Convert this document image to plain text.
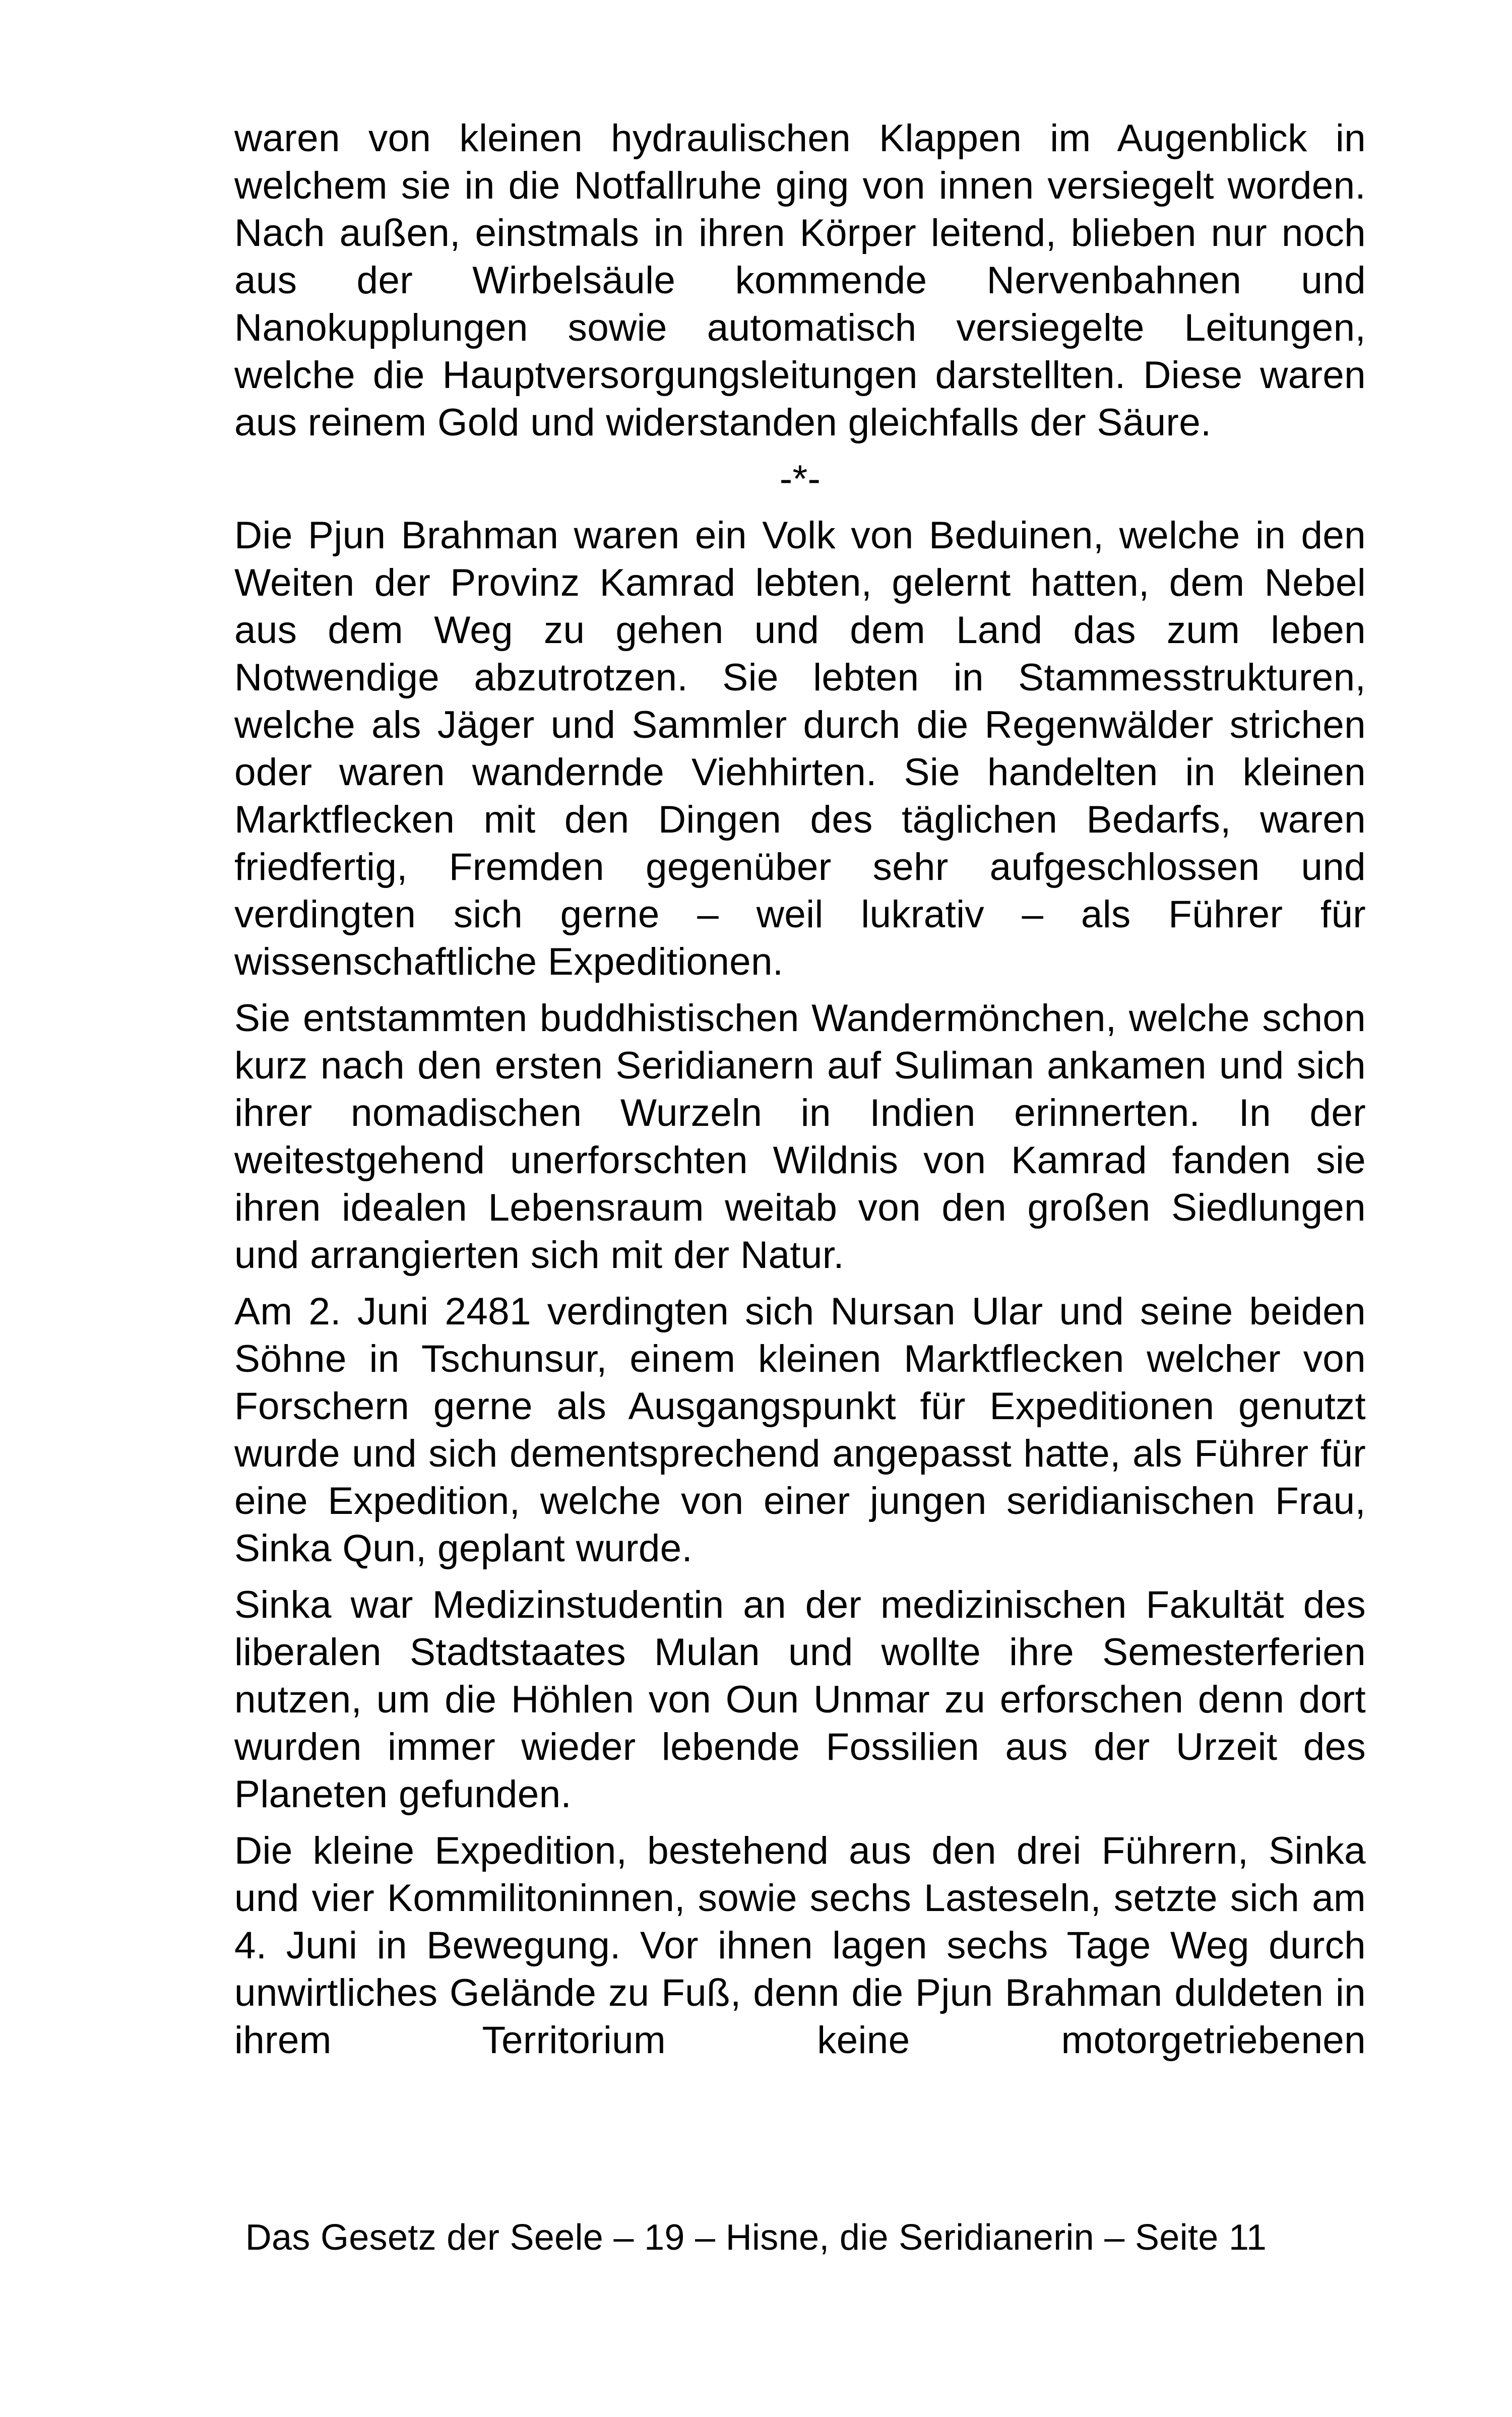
waren von kleinen hydraulischen Klappen im Augenblick in welchem sie in die Notfallruhe ging von innen versiegelt worden. Nach außen, einstmals in ihren Körper leitend, blieben nur noch aus der Wirbelsäule kommende Nervenbahnen und Nanokupplungen sowie automatisch versiegelte Leitungen, welche die Hauptversorgungsleitungen darstellten. Diese waren aus reinem Gold und widerstanden gleichfalls der Säure.

-*-

Die Pjun Brahman waren ein Volk von Beduinen, welche in den Weiten der Provinz Kamrad lebten, gelernt hatten, dem Nebel aus dem Weg zu gehen und dem Land das zum leben Notwendige abzutrotzen. Sie lebten in Stammesstrukturen, welche als Jäger und Sammler durch die Regenwälder strichen oder waren wandernde Viehhirten. Sie handelten in kleinen Marktflecken mit den Dingen des täglichen Bedarfs, waren friedfertig, Fremden gegenüber sehr aufgeschlossen und verdingten sich gerne – weil lukrativ – als Führer für wissenschaftliche Expeditionen.

Sie entstammten buddhistischen Wandermönchen, welche schon kurz nach den ersten Seridianern auf Suliman ankamen und sich ihrer nomadischen Wurzeln in Indien erinnerten. In der weitestgehend unerforschten Wildnis von Kamrad fanden sie ihren idealen Lebensraum weitab von den großen Siedlungen und arrangierten sich mit der Natur.

Am 2. Juni 2481 verdingten sich Nursan Ular und seine beiden Söhne in Tschunsur, einem kleinen Marktflecken welcher von Forschern gerne als Ausgangspunkt für Expeditionen genutzt wurde und sich dementsprechend angepasst hatte, als Führer für eine Expedition, welche von einer jungen seridianischen Frau, Sinka Qun, geplant wurde.

Sinka war Medizinstudentin an der medizinischen Fakultät des liberalen Stadtstaates Mulan und wollte ihre Semesterferien nutzen, um die Höhlen von Oun Unmar zu erforschen denn dort wurden immer wieder lebende Fossilien aus der Urzeit des Planeten gefunden.

Die kleine Expedition, bestehend aus den drei Führern, Sinka und vier Kommilitoninnen, sowie sechs Lasteseln, setzte sich am 4. Juni in Bewegung. Vor ihnen lagen sechs Tage Weg durch unwirtliches Gelände zu Fuß, denn die Pjun Brahman duldeten in ihrem Territorium keine motorgetriebenen

Das Gesetz der Seele – 19 – Hisne, die Seridianerin – Seite 11
